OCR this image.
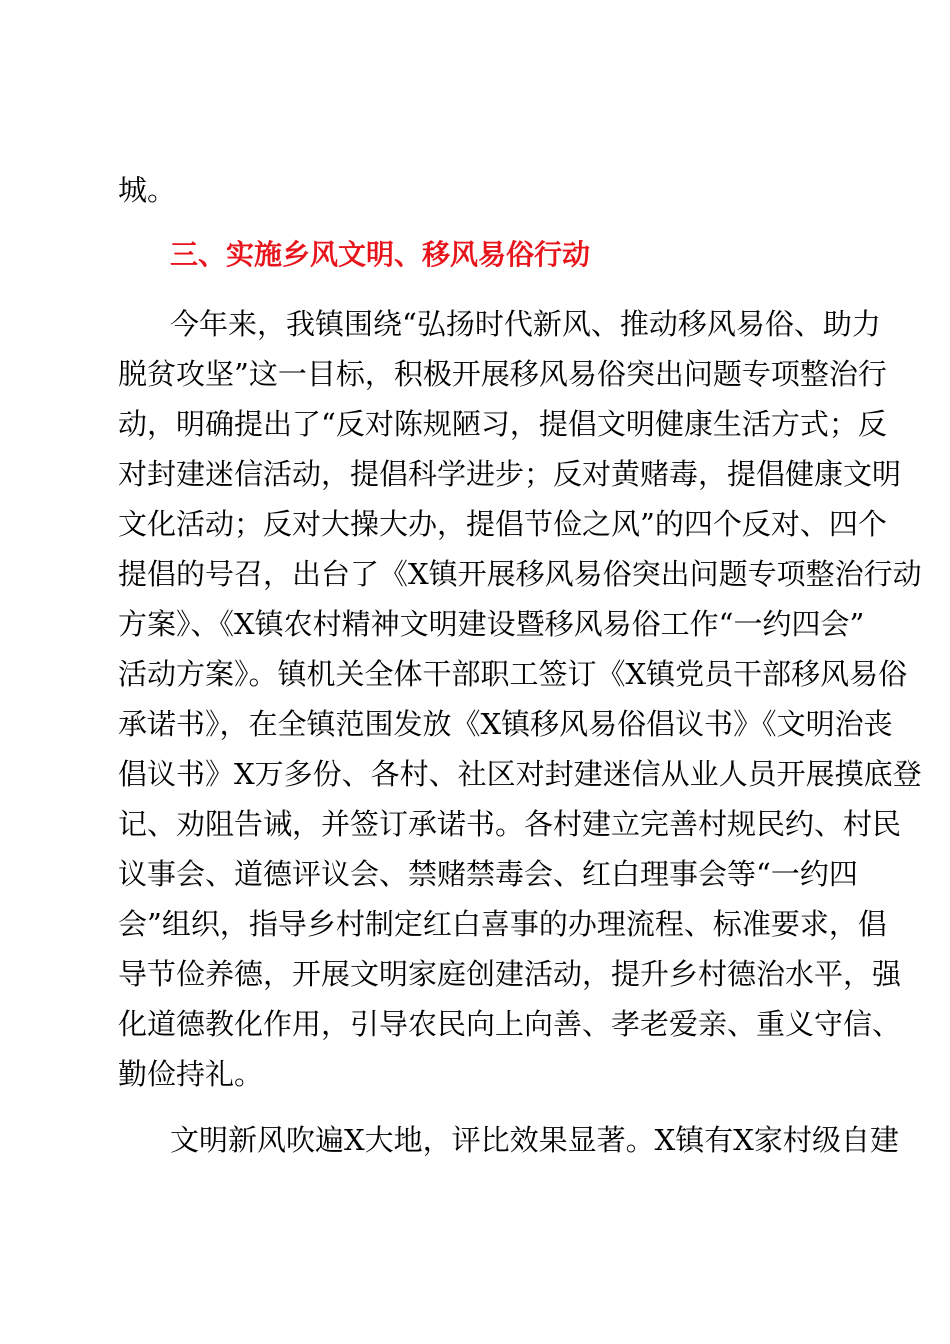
城。
三、实施乡风文明、移风易俗行动
今年来，我镇围绕“弘扬时代新风、推动移风易俗、助力
脱贫攻坚”这一目标，积极开展移风易俗突出问题专项整治行
动，明确提出了“反对陈规陋习，提倡文明健康生活方式；反
对封建迷信活动，提倡科学进步；反对黄赌毒，提倡健康文明
文化活动；反对大操大办，提倡节俭之风”的四个反对、四个
提倡的号召，出台了《X镇开展移风易俗突出问题专项整治行动
方案》、《X镇农村精神文明建设暨移风易俗工作“一约四会”
活动方案》。镇机关全体干部职工签订《X镇党员干部移风易俗
承诺书》，在全镇范围发放《X镇移风易俗倡议书》《文明治丧
倡议书》X万多份、各村、社区对封建迷信从业人员开展摸底登
记、劝阻告诫，并签订承诺书。各村建立完善村规民约、村民
议事会、道德评议会、禁赌禁毒会、红白理事会等“一约四
会”组织，指导乡村制定红白喜事的办理流程、标准要求，倡
导节俭养德，开展文明家庭创建活动，提升乡村德治水平，强
化道德教化作用，引导农民向上向善、孝老爱亲、重义守信、
勤俭持礼。
文明新风吹遍X大地，评比效果显著。X镇有X家村级自建
